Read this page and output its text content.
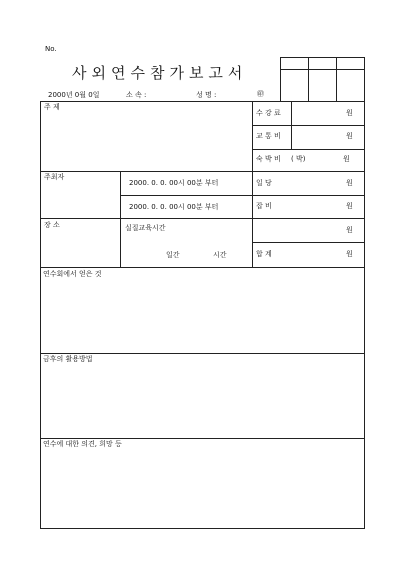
No.
사외연수참가보고서
2000년 0월 0일	소 속 :	성 명 :	㊞
주 제
수 강 료	원
교 통 비	원
숙 박 비 ( 박)	원
일 당	원
잡 비	원
원
합 계	원
주최자
2000. 0. 0. 00시 00분 부터
2000. 0. 0. 00시 00분 부터
장 소	실질교육시간
일간	시간
연수회에서 얻은 것
금후의 활용방법
연수에 대한 의견, 희망 등
